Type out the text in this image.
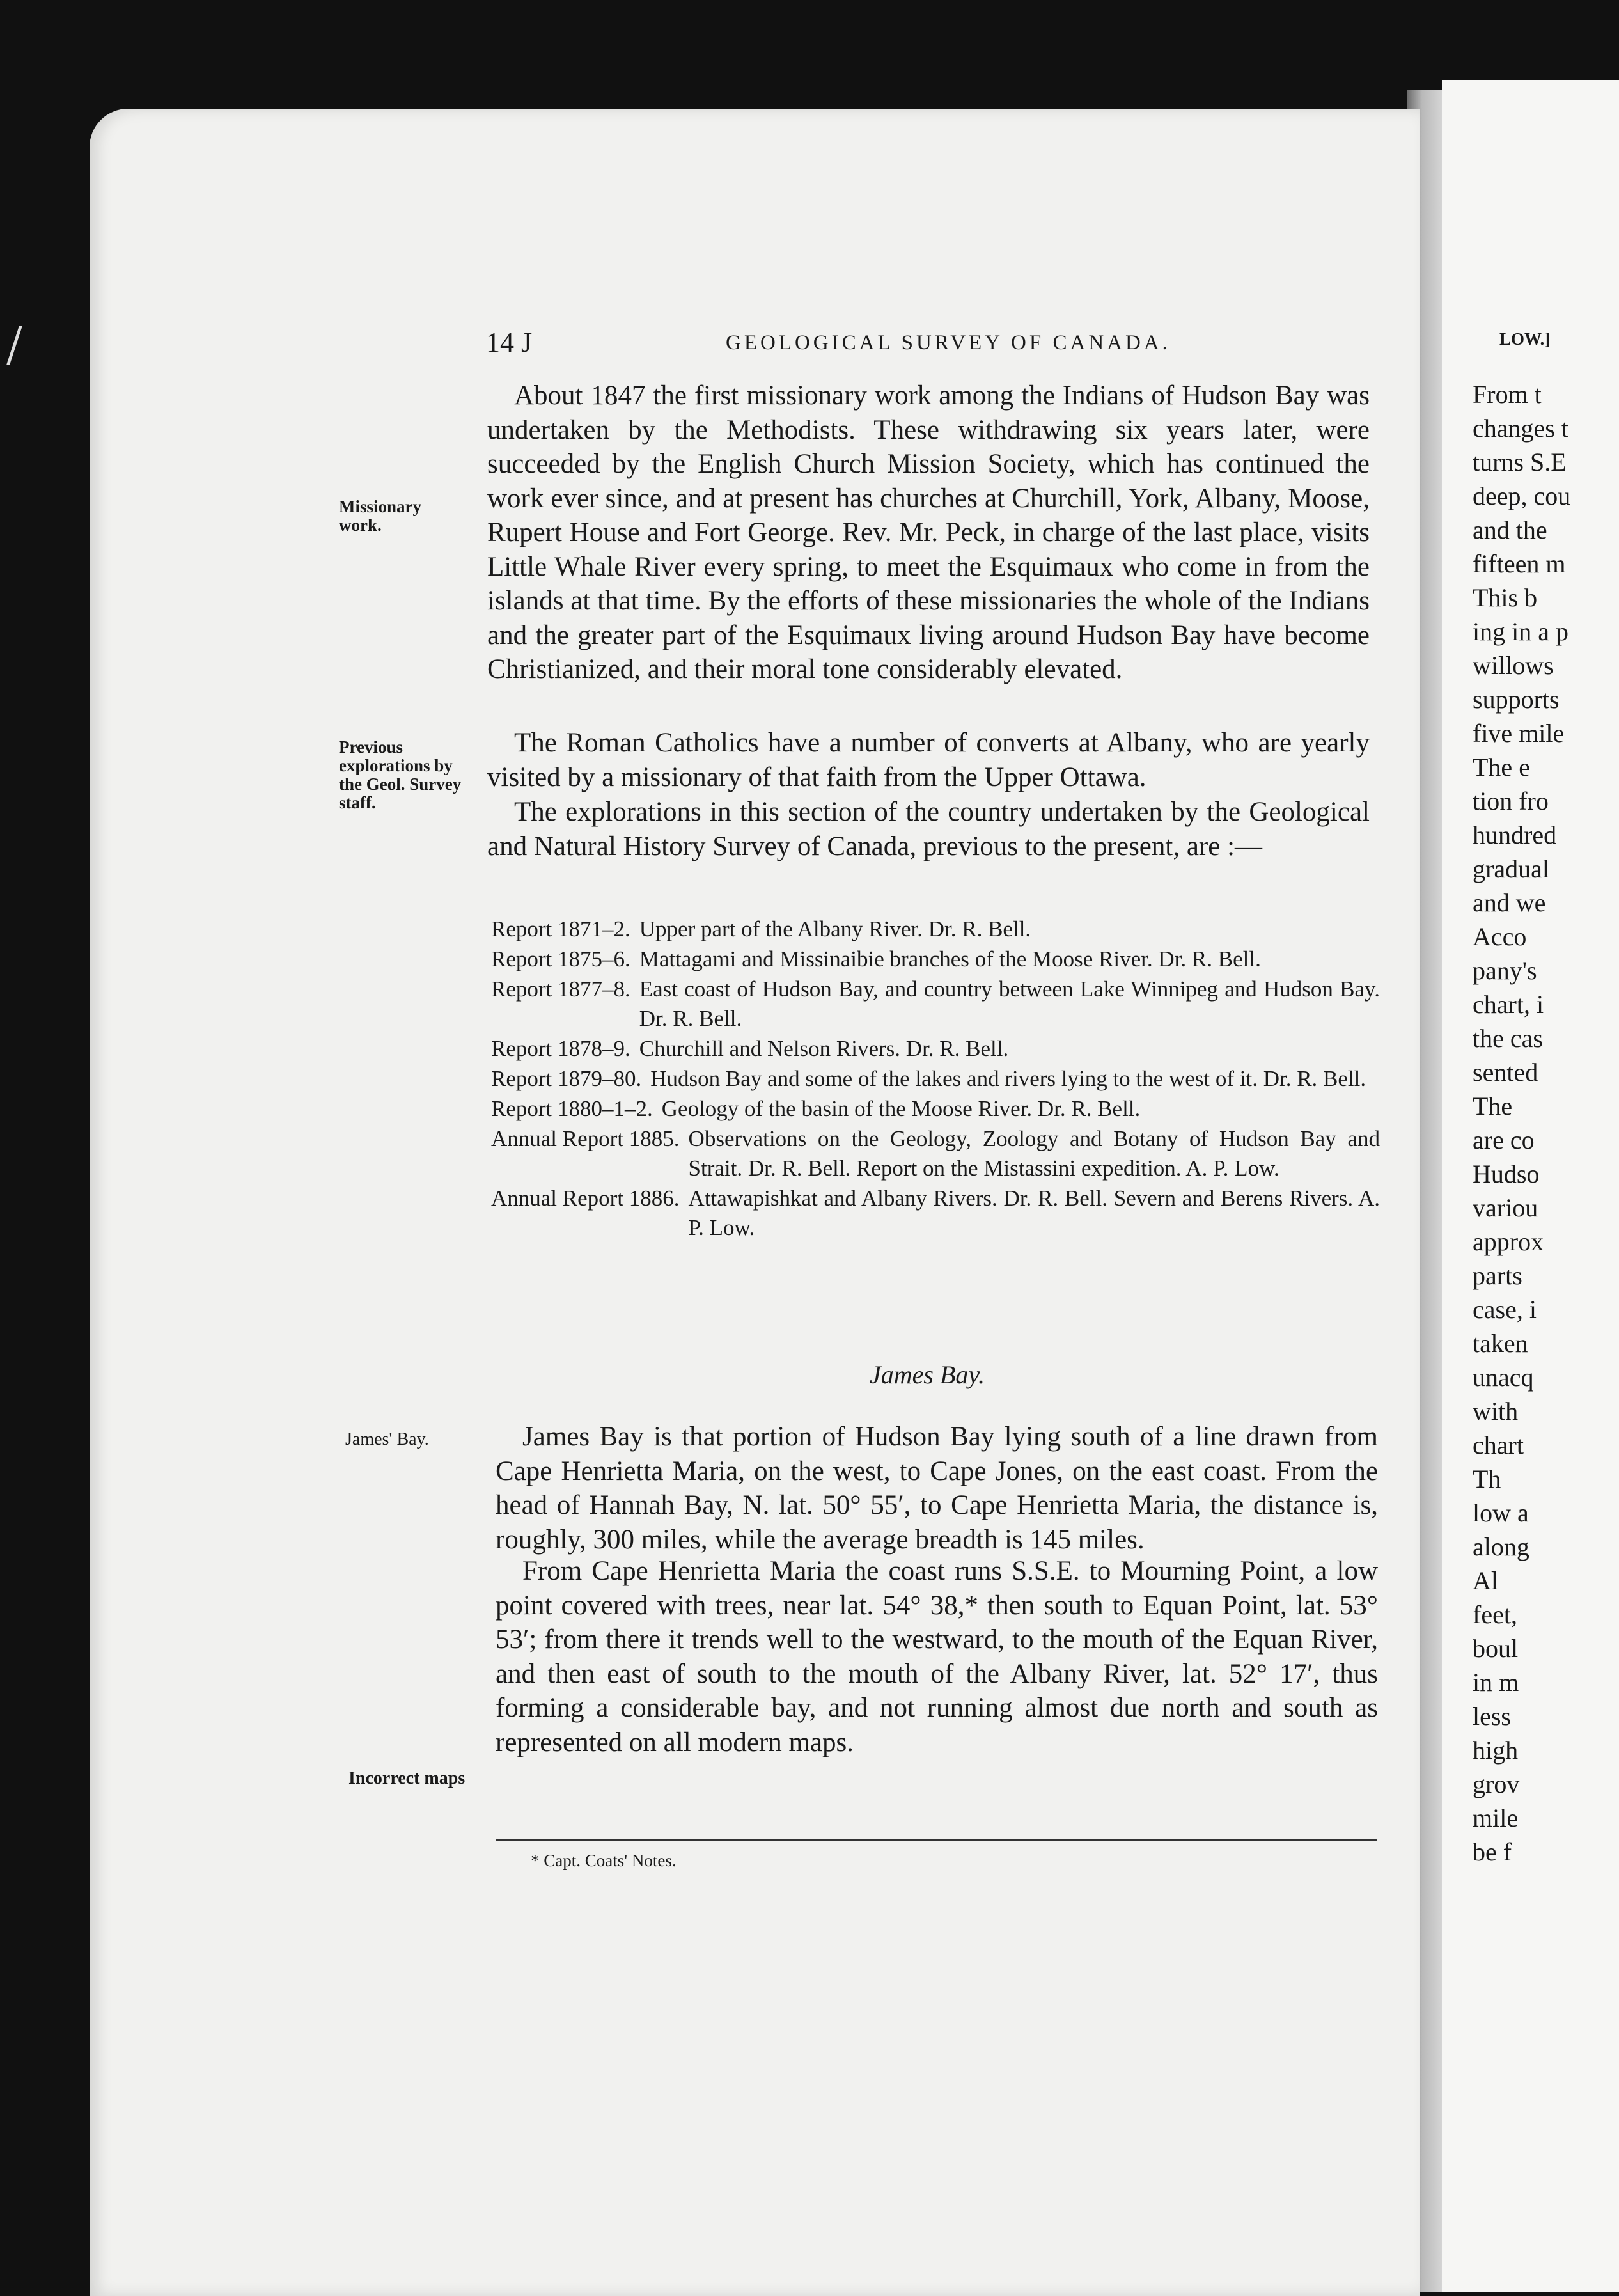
14 J	GEOLOGICAL SURVEY OF CANADA.
Missionary work.
Previous explorations by the Geol. Survey staff.
James' Bay.
Incorrect maps

About 1847 the first missionary work among the Indians of Hudson Bay was undertaken by the Methodists. These withdrawing six years later, were succeeded by the English Church Mission Society, which has continued the work ever since, and at present has churches at Churchill, York, Albany, Moose, Rupert House and Fort George. Rev. Mr. Peck, in charge of the last place, visits Little Whale River every spring, to meet the Esquimaux who come in from the islands at that time. By the efforts of these missionaries the whole of the Indians and the greater part of the Esquimaux living around Hudson Bay have become Christianized, and their moral tone considerably elevated.

The Roman Catholics have a number of converts at Albany, who are yearly visited by a missionary of that faith from the Upper Ottawa.

The explorations in this section of the country undertaken by the Geological and Natural History Survey of Canada, previous to the present, are :—

Report 1871–2. Upper part of the Albany River. Dr. R. Bell.
Report 1875–6. Mattagami and Missinaibie branches of the Moose River. Dr. R. Bell.
Report 1877–8. East coast of Hudson Bay, and country between Lake Winnipeg and Hudson Bay. Dr. R. Bell.
Report 1878–9. Churchill and Nelson Rivers. Dr. R. Bell.
Report 1879–80. Hudson Bay and some of the lakes and rivers lying to the west of it. Dr. R. Bell.
Report 1880–1–2. Geology of the basin of the Moose River. Dr. R. Bell.
Annual Report 1885. Observations on the Geology, Zoology and Botany of Hudson Bay and Strait. Dr. R. Bell. Report on the Mistassini expedition. A. P. Low.
Annual Report 1886. Attawapishkat and Albany Rivers. Dr. R. Bell. Severn and Berens Rivers. A. P. Low.
James Bay.

James Bay is that portion of Hudson Bay lying south of a line drawn from Cape Henrietta Maria, on the west, to Cape Jones, on the east coast. From the head of Hannah Bay, N. lat. 50° 55′, to Cape Henrietta Maria, the distance is, roughly, 300 miles, while the average breadth is 145 miles.

From Cape Henrietta Maria the coast runs S.S.E. to Mourning Point, a low point covered with trees, near lat. 54° 38,* then south to Equan Point, lat. 53° 53′; from there it trends well to the westward, to the mouth of the Equan River, and then east of south to the mouth of the Albany River, lat. 52° 17′, thus forming a considerable bay, and not running almost due north and south as represented on all modern maps.

* Capt. Coats' Notes.
LOW.]
From t
changes t
turns S.E
deep, cou
and the
fifteen m
This b
ing in a p
willows
supports
five mile
The e
tion fro
hundred
gradual
and we
Acco
pany's
chart, i
the cas
sented
The
are co
Hudso
variou
approx
parts
case, i
taken
unacq
with
chart
Th
low a
along
Al
feet,
boul
in m
less
high
grov
mile
be f
